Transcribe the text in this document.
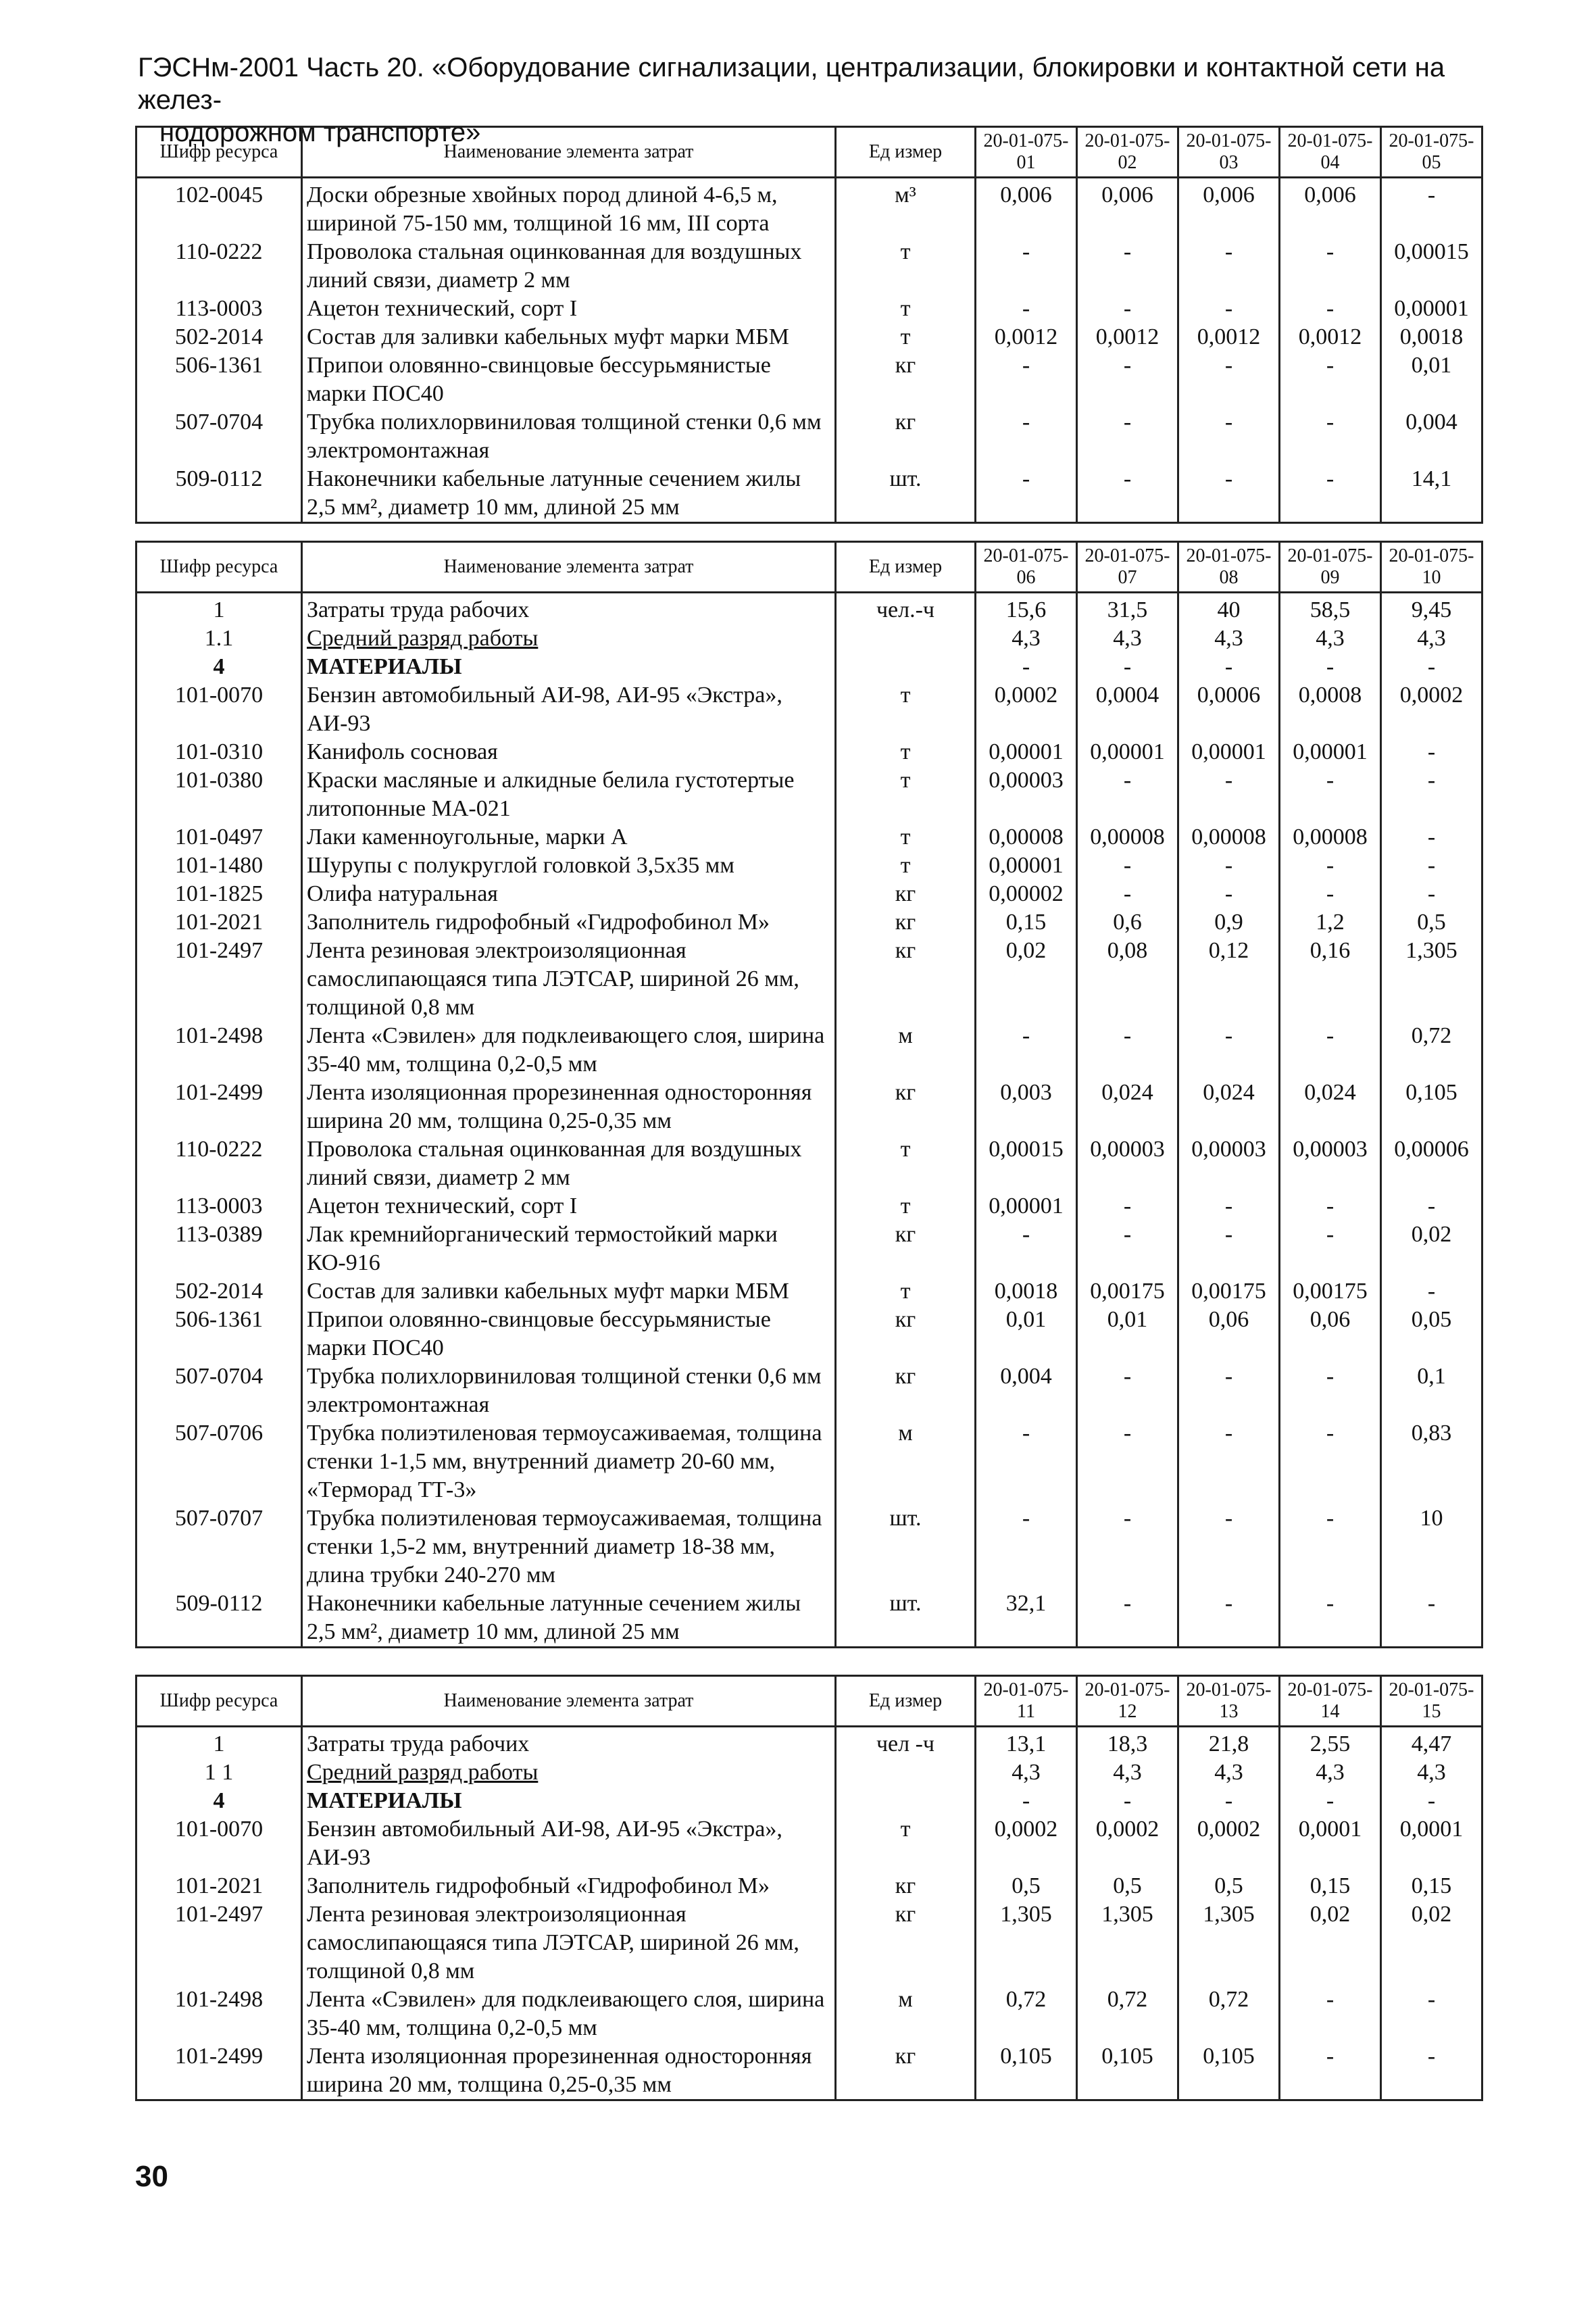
ГЭСНм-2001 Часть 20. «Оборудование сигнализации, централизации, блокировки и контактной сети на желез-
нодорожном транспорте»
Шифр ресурса	Наименование элемента затрат	Ед измер	20-01-075-01	20-01-075-02	20-01-075-03	20-01-075-04	20-01-075-05
102-0045	Доски обрезные хвойных пород длиной 4-6,5 м, шириной 75-150 мм, толщиной 16 мм, III сорта	м³	0,006	0,006	0,006	0,006	-
110-0222	Проволока стальная оцинкованная для воздушных линий связи, диаметр 2 мм	т	-	-	-	-	0,00015
113-0003	Ацетон технический, сорт I	т	-	-	-	-	0,00001
502-2014	Состав для заливки кабельных муфт марки МБМ	т	0,0012	0,0012	0,0012	0,0012	0,0018
506-1361	Припои оловянно-свинцовые бессурьмянистые марки ПОС40	кг	-	-	-	-	0,01
507-0704	Трубка полихлорвиниловая толщиной стенки 0,6 мм электромонтажная	кг	-	-	-	-	0,004
509-0112	Наконечники кабельные латунные сечением жилы 2,5 мм², диаметр 10 мм, длиной 25 мм	шт.	-	-	-	-	14,1
Шифр ресурса	Наименование элемента затрат	Ед измер	20-01-075-06	20-01-075-07	20-01-075-08	20-01-075-09	20-01-075-10
1	Затраты труда рабочих	чел.-ч	15,6	31,5	40	58,5	9,45
1.1	Средний разряд работы		4,3	4,3	4,3	4,3	4,3
4	МАТЕРИАЛЫ		-	-	-	-	-
101-0070	Бензин автомобильный АИ-98, АИ-95 «Экстра», АИ-93	т	0,0002	0,0004	0,0006	0,0008	0,0002
101-0310	Канифоль сосновая	т	0,00001	0,00001	0,00001	0,00001	-
101-0380	Краски масляные и алкидные белила густотертые литопонные МА-021	т	0,00003	-	-	-	-
101-0497	Лаки каменноугольные, марки А	т	0,00008	0,00008	0,00008	0,00008	-
101-1480	Шурупы с полукруглой головкой 3,5х35 мм	т	0,00001	-	-	-	-
101-1825	Олифа натуральная	кг	0,00002	-	-	-	-
101-2021	Заполнитель гидрофобный «Гидрофобинол М»	кг	0,15	0,6	0,9	1,2	0,5
101-2497	Лента резиновая электроизоляционная самослипающаяся типа ЛЭТСАР, шириной 26 мм, толщиной 0,8 мм	кг	0,02	0,08	0,12	0,16	1,305
101-2498	Лента «Сэвилен» для подклеивающего слоя, ширина 35-40 мм, толщина 0,2-0,5 мм	м	-	-	-	-	0,72
101-2499	Лента изоляционная прорезиненная односторонняя ширина 20 мм, толщина 0,25-0,35 мм	кг	0,003	0,024	0,024	0,024	0,105
110-0222	Проволока стальная оцинкованная для воздушных линий связи, диаметр 2 мм	т	0,00015	0,00003	0,00003	0,00003	0,00006
113-0003	Ацетон технический, сорт I	т	0,00001	-	-	-	-
113-0389	Лак кремнийорганический термостойкий марки КО-916	кг	-	-	-	-	0,02
502-2014	Состав для заливки кабельных муфт марки МБМ	т	0,0018	0,00175	0,00175	0,00175	-
506-1361	Припои оловянно-свинцовые бессурьмянистые марки ПОС40	кг	0,01	0,01	0,06	0,06	0,05
507-0704	Трубка полихлорвиниловая толщиной стенки 0,6 мм электромонтажная	кг	0,004	-	-	-	0,1
507-0706	Трубка полиэтиленовая термоусаживаемая, толщина стенки 1-1,5 мм, внутренний диаметр 20-60 мм, «Терморад ТТ-3»	м	-	-	-	-	0,83
507-0707	Трубка полиэтиленовая термоусаживаемая, толщина стенки 1,5-2 мм, внутренний диаметр 18-38 мм, длина трубки 240-270 мм	шт.	-	-	-	-	10
509-0112	Наконечники кабельные латунные сечением жилы 2,5 мм², диаметр 10 мм, длиной 25 мм	шт.	32,1	-	-	-	-
Шифр ресурса	Наименование элемента затрат	Ед измер	20-01-075-11	20-01-075-12	20-01-075-13	20-01-075-14	20-01-075-15
1	Затраты труда рабочих	чел -ч	13,1	18,3	21,8	2,55	4,47
1 1	Средний разряд работы		4,3	4,3	4,3	4,3	4,3
4	МАТЕРИАЛЫ		-	-	-	-	-
101-0070	Бензин автомобильный АИ-98, АИ-95 «Экстра», АИ-93	т	0,0002	0,0002	0,0002	0,0001	0,0001
101-2021	Заполнитель гидрофобный «Гидрофобинол М»	кг	0,5	0,5	0,5	0,15	0,15
101-2497	Лента резиновая электроизоляционная самослипающаяся типа ЛЭТСАР, шириной 26 мм, толщиной 0,8 мм	кг	1,305	1,305	1,305	0,02	0,02
101-2498	Лента «Сэвилен» для подклеивающего слоя, ширина 35-40 мм, толщина 0,2-0,5 мм	м	0,72	0,72	0,72	-	-
101-2499	Лента изоляционная прорезиненная односторонняя ширина 20 мм, толщина 0,25-0,35 мм	кг	0,105	0,105	0,105	-	-
30
